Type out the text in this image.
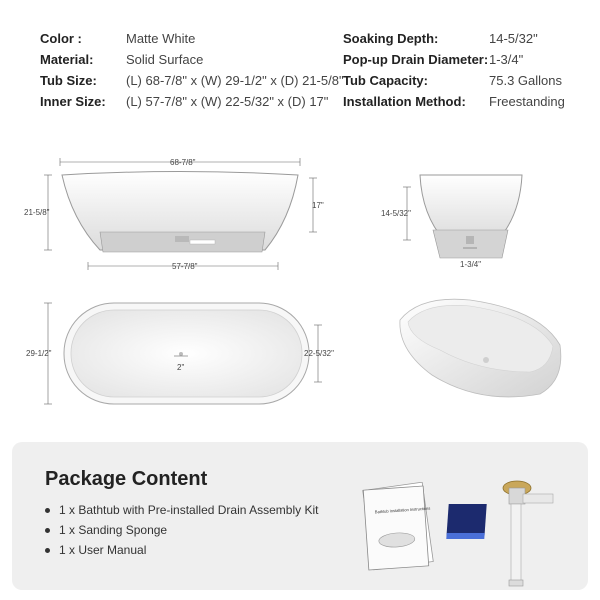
Color :	Matte White
Material:	Solid Surface
Tub Size:	(L) 68-7/8" x (W) 29-1/2" x (D) 21-5/8"
Inner Size:	(L) 57-7/8" x (W) 22-5/32" x (D) 17"
Soaking Depth:	14-5/32"
Pop-up Drain Diameter: 1-3/4"
Tub Capacity:	75.3 Gallons
Installation Method:	Freestanding
68-7/8"
21-5/8"
17"
57-7/8"
14-5/32"
1-3/4"
29-1/2"	22-5/32"
2"
Package Content
1 x Bathtub with Pre-installed Drain Assembly Kit
1 x Sanding Sponge
1 x User Manual
Bathtub Installation Instructions
